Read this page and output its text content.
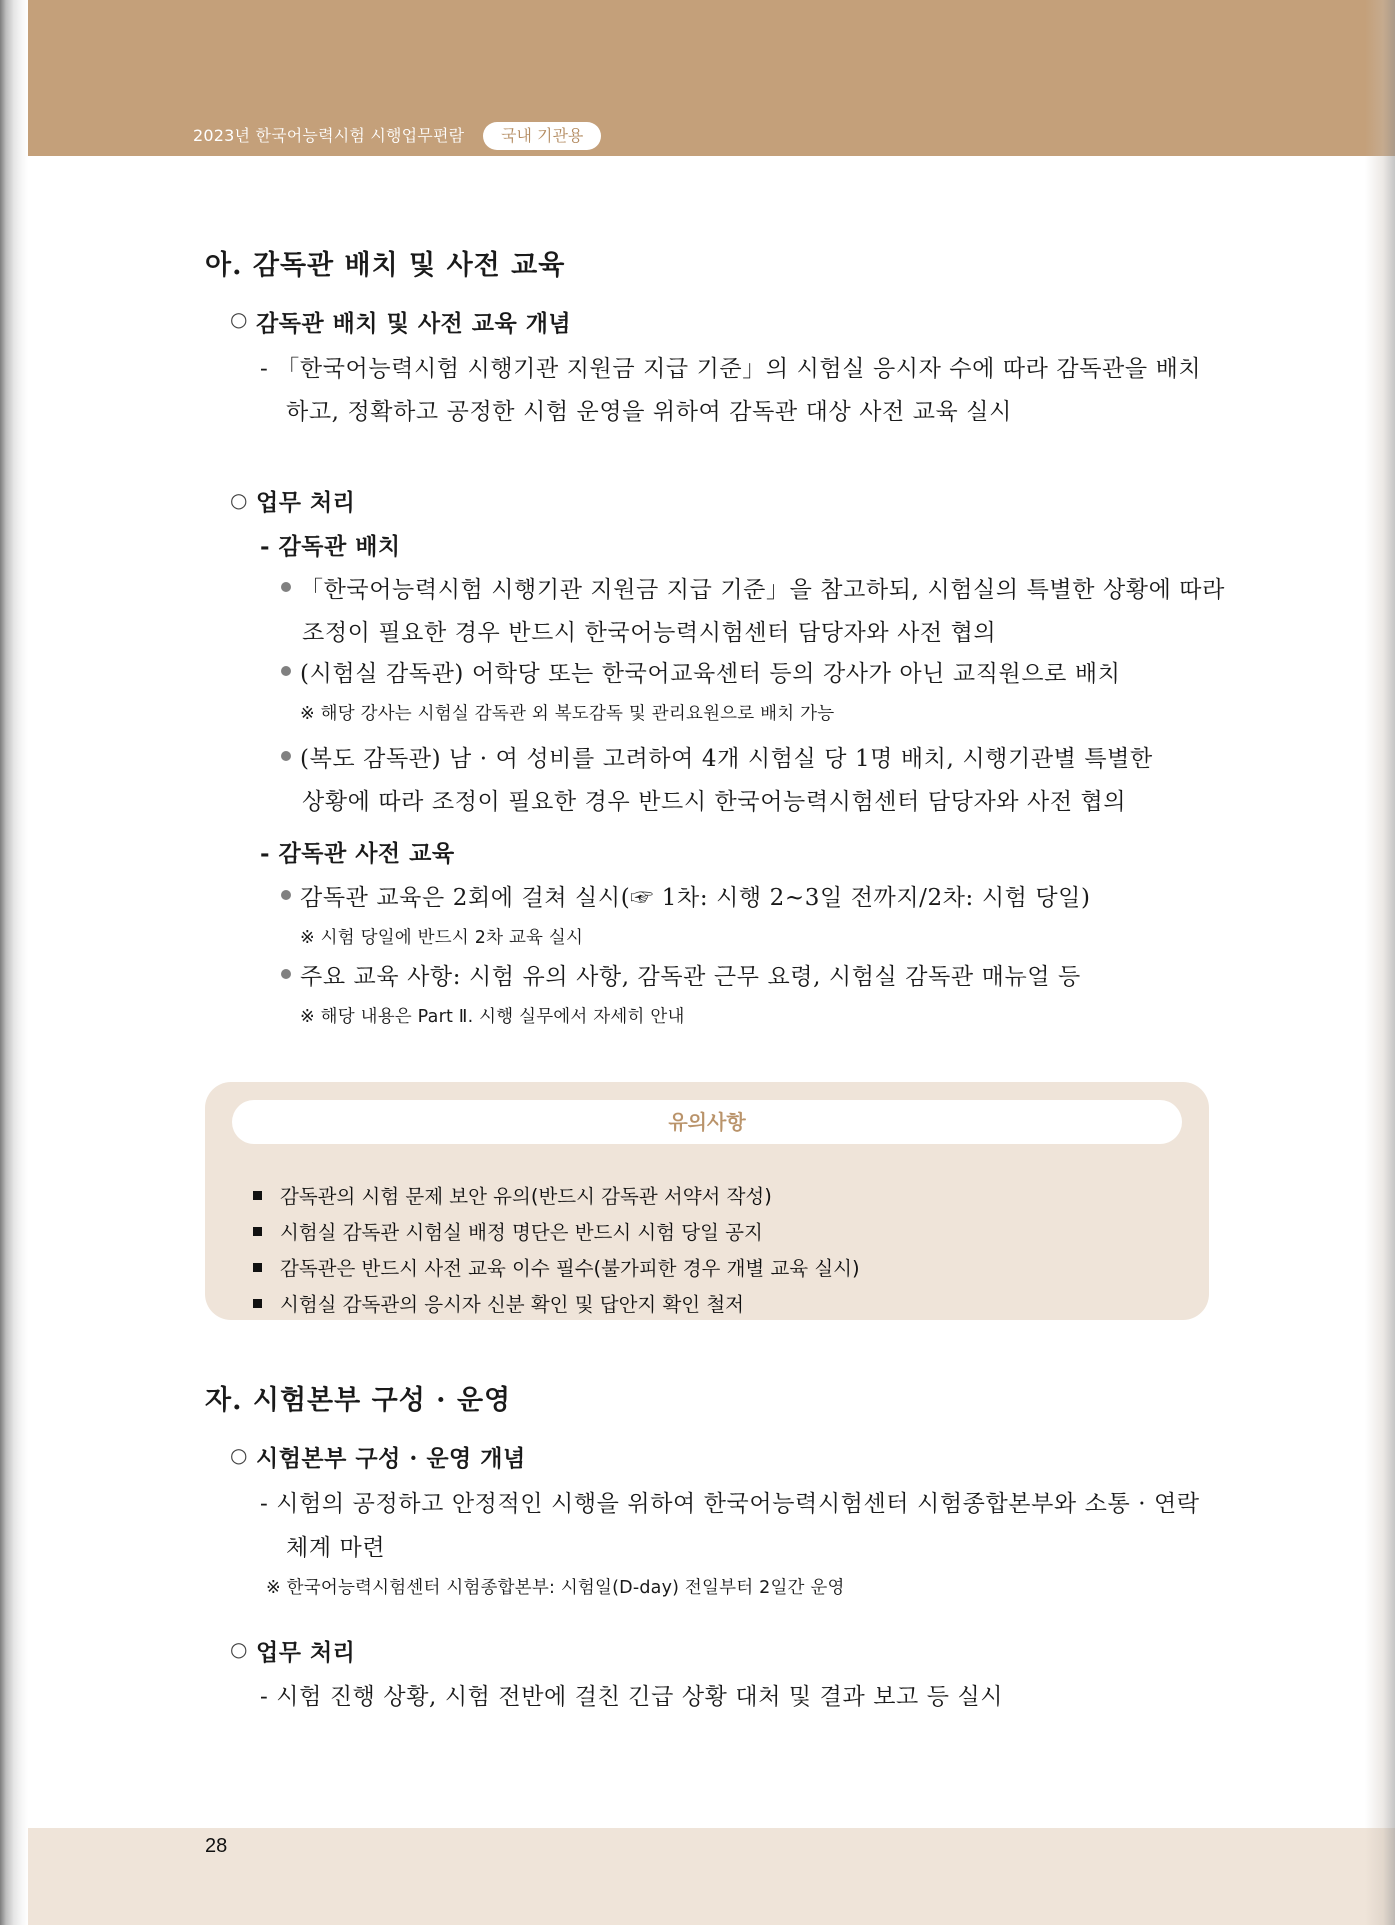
2023년 한국어능력시험 시행업무편람	국내 기관용
아. 감독관 배치 및 사전 교육
○ 감독관 배치 및 사전 교육 개념
- 「한국어능력시험 시행기관 지원금 지급 기준」의 시험실 응시자 수에 따라 감독관을 배치
하고, 정확하고 공정한 시험 운영을 위하여 감독관 대상 사전 교육 실시
○ 업무 처리
- 감독관 배치
「한국어능력시험 시행기관 지원금 지급 기준」을 참고하되, 시험실의 특별한 상황에 따라
조정이 필요한 경우 반드시 한국어능력시험센터 담당자와 사전 협의
(시험실 감독관) 어학당 또는 한국어교육센터 등의 강사가 아닌 교직원으로 배치
※ 해당 강사는 시험실 감독관 외 복도감독 및 관리요원으로 배치 가능
(복도 감독관) 남 · 여 성비를 고려하여 4개 시험실 당 1명 배치, 시행기관별 특별한
상황에 따라 조정이 필요한 경우 반드시 한국어능력시험센터 담당자와 사전 협의
- 감독관 사전 교육
감독관 교육은 2회에 걸쳐 실시(☞ 1차: 시행 2~3일 전까지/2차: 시험 당일)
※ 시험 당일에 반드시 2차 교육 실시
주요 교육 사항: 시험 유의 사항, 감독관 근무 요령, 시험실 감독관 매뉴얼 등
※ 해당 내용은 Part Ⅱ. 시행 실무에서 자세히 안내
유의사항
감독관의 시험 문제 보안 유의(반드시 감독관 서약서 작성)
시험실 감독관 시험실 배정 명단은 반드시 시험 당일 공지
감독관은 반드시 사전 교육 이수 필수(불가피한 경우 개별 교육 실시)
시험실 감독관의 응시자 신분 확인 및 답안지 확인 철저
자. 시험본부 구성 · 운영
○ 시험본부 구성 · 운영 개념
- 시험의 공정하고 안정적인 시행을 위하여 한국어능력시험센터 시험종합본부와 소통 · 연락
체계 마련
※ 한국어능력시험센터 시험종합본부: 시험일(D-day) 전일부터 2일간 운영
○ 업무 처리
- 시험 진행 상황, 시험 전반에 걸친 긴급 상황 대처 및 결과 보고 등 실시
28
